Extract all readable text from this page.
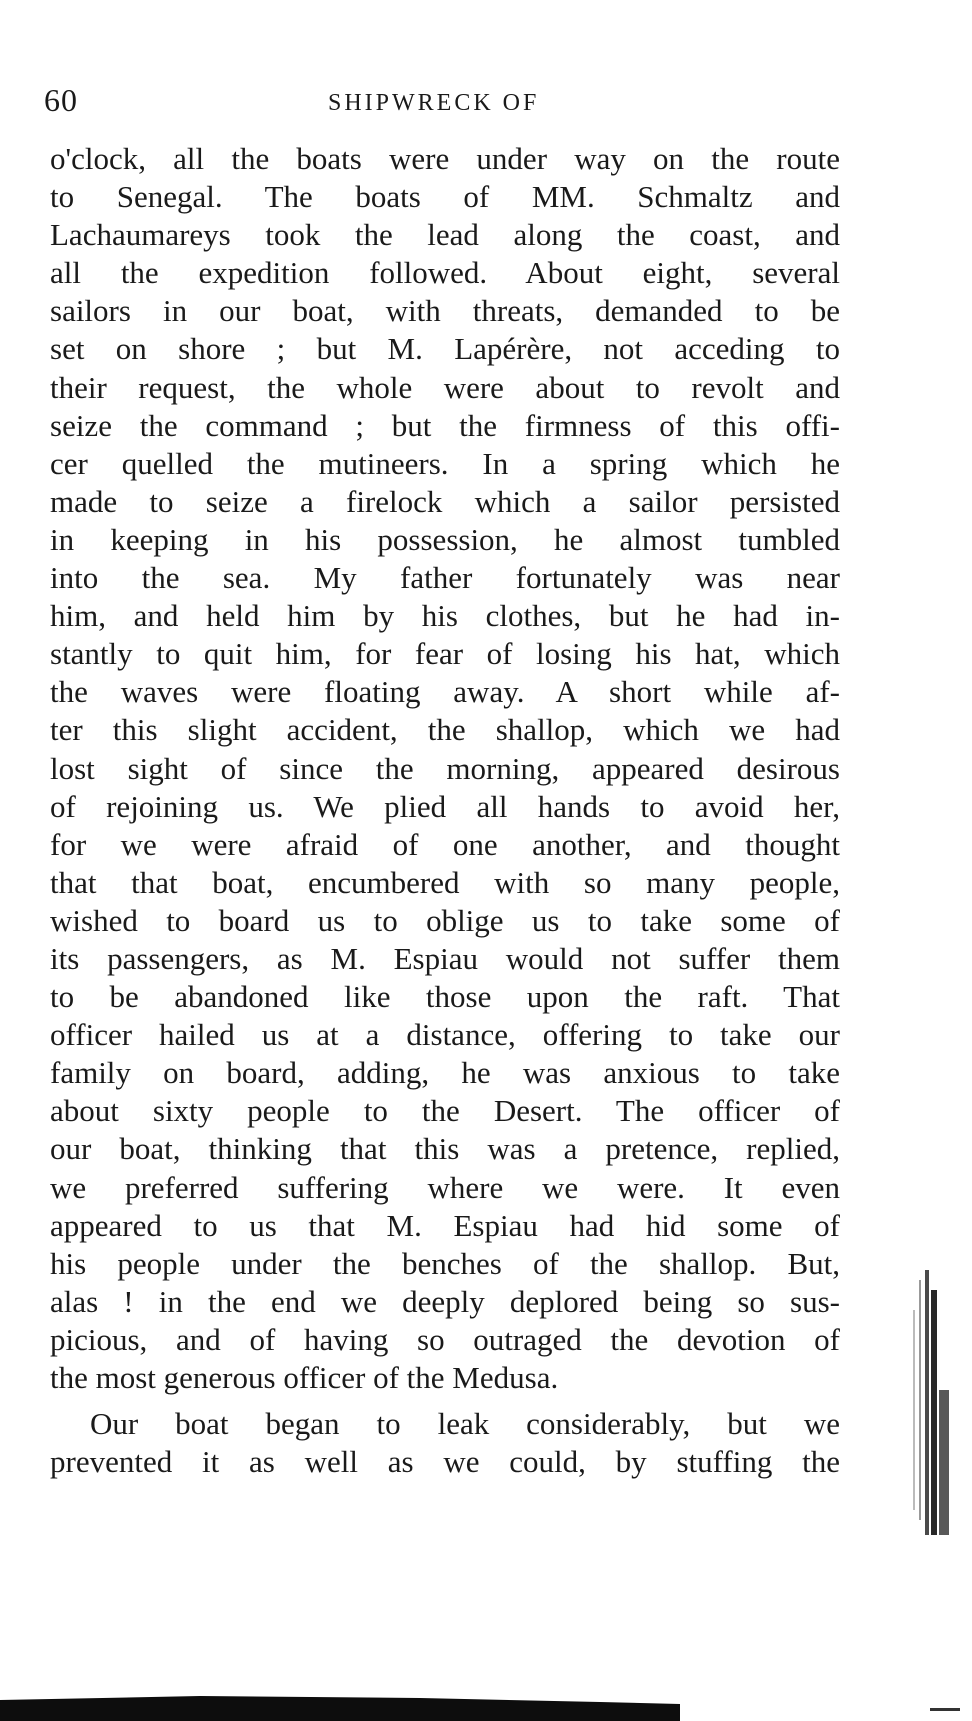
60	SHIPWRECK OF
o'clock, all the boats were under way on the route
to Senegal. The boats of MM. Schmaltz and
Lachaumareys took the lead along the coast, and
all the expedition followed. About eight, several
sailors in our boat, with threats, demanded to be
set on shore ; but M. Lapérère, not acceding to
their request, the whole were about to revolt and
seize the command ; but the firmness of this offi-
cer quelled the mutineers. In a spring which he
made to seize a firelock which a sailor persisted
in keeping in his possession, he almost tumbled
into the sea. My father fortunately was near
him, and held him by his clothes, but he had in-
stantly to quit him, for fear of losing his hat, which
the waves were floating away. A short while af-
ter this slight accident, the shallop, which we had
lost sight of since the morning, appeared desirous
of rejoining us. We plied all hands to avoid her,
for we were afraid of one another, and thought
that that boat, encumbered with so many people,
wished to board us to oblige us to take some of
its passengers, as M. Espiau would not suffer them
to be abandoned like those upon the raft. That
officer hailed us at a distance, offering to take our
family on board, adding, he was anxious to take
about sixty people to the Desert. The officer of
our boat, thinking that this was a pretence, replied,
we preferred suffering where we were. It even
appeared to us that M. Espiau had hid some of
his people under the benches of the shallop. But,
alas ! in the end we deeply deplored being so sus-
picious, and of having so outraged the devotion of
the most generous officer of the Medusa.
Our boat began to leak considerably, but we
prevented it as well as we could, by stuffing the
